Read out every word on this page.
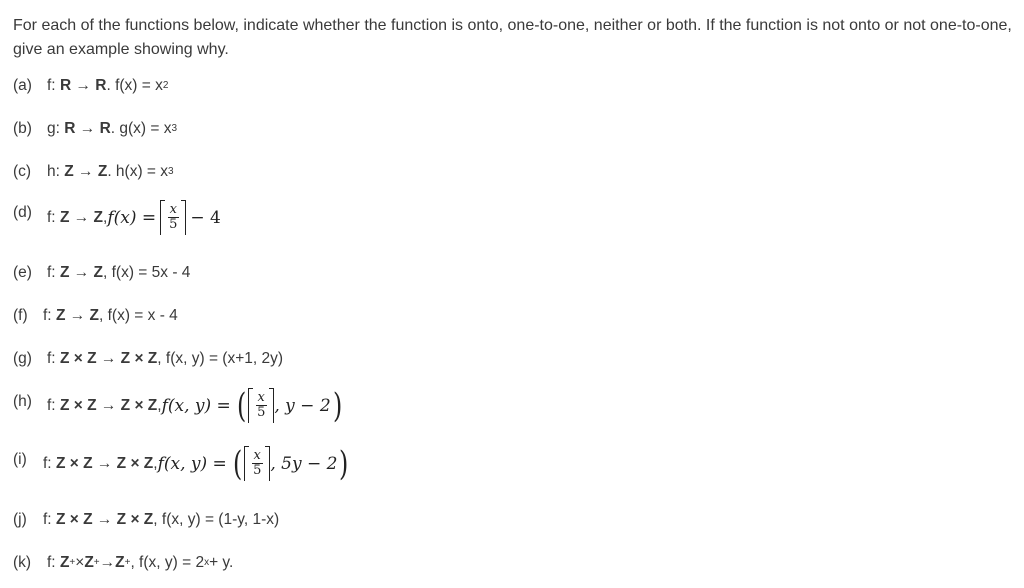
For each of the functions below, indicate whether the function is onto, one-to-one, neither or both. If the function is not onto or not one-to-one, give an example showing why.
(a) f:
R
→
R . f(x) = x 2
(b) g:
R
→
R . g(x) = x 3
(c)	h:
Z
→
Z . h(x) = x 3
(d) f:
Z
→
Z , $f(x) = \frac{x}{5} - 4$
(e) f:
Z
→
Z , f(x) = 5x - 4
(f) f:
Z
→
Z , f(x) = x - 4
(g) f:
Z × Z
→
Z × Z , f(x, y) = (x+1, 2y)
(h) f:
Z × Z
→
Z × Z , f(x, y) = ( $\frac{x}{5}$ , y − 2 )
(i)	f:
Z × Z
→
Z × Z , f(x, y) = ( $\frac{x}{5}$ , 5y − 2 )
(j)	f:
Z × Z
→
Z × Z , f(x, y) = (1-y, 1-x)
(k)	f:
Z + × Z + → Z + , f(x, y) = 2 x + y.
